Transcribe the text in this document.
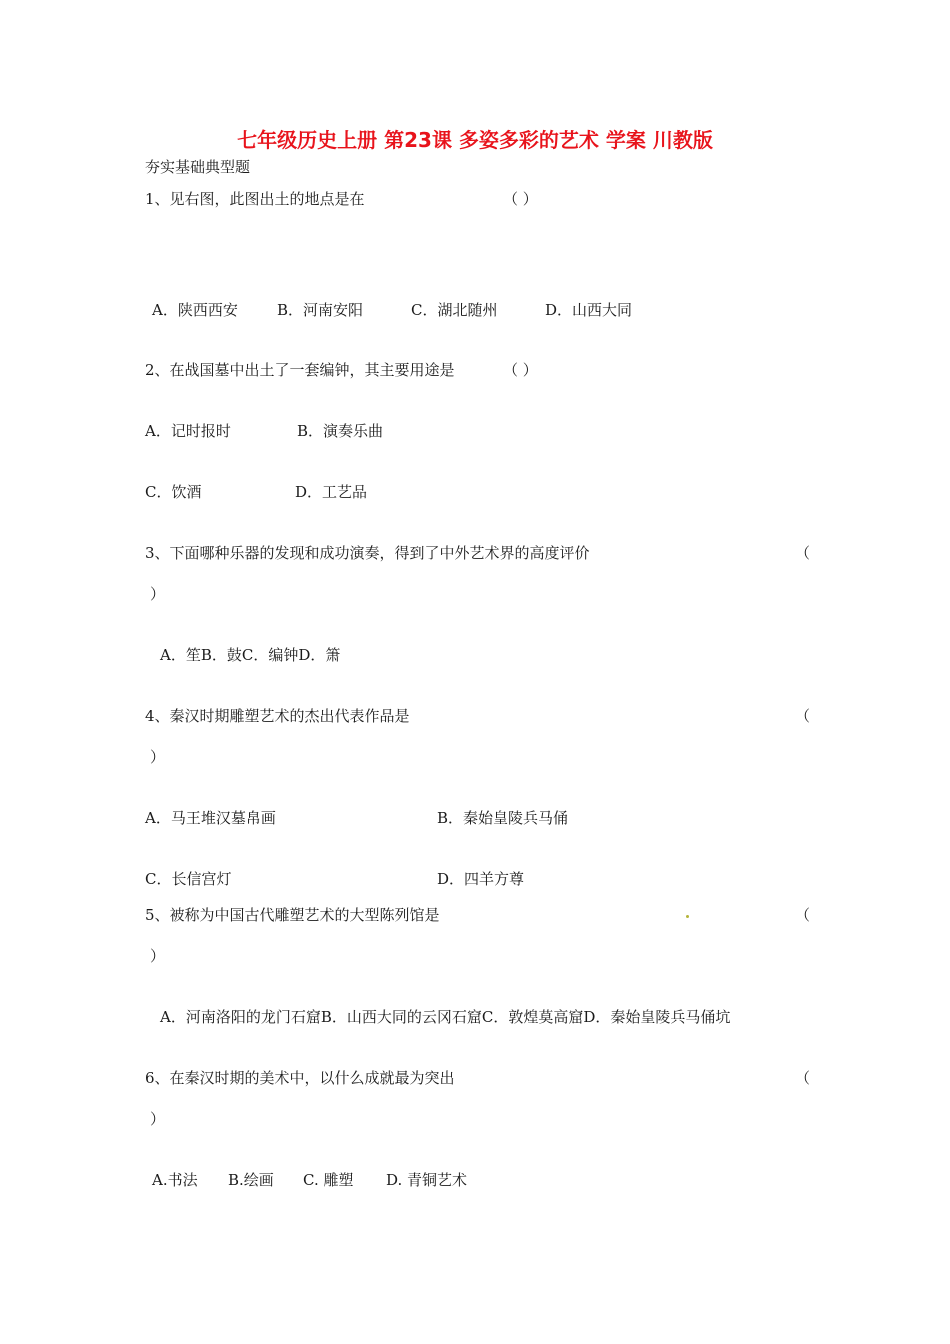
七年级历史上册 第23课 多姿多彩的艺术 学案 川教版
夯实基础典型题
1、见右图，此图出土的地点是在	（ ）
A．陕西西安	B．河南安阳	C．湖北随州	D．山西大同
2、在战国墓中出土了一套编钟，其主要用途是	（ ）
A．记时报时	B．演奏乐曲
C．饮酒	D．工艺品
3、下面哪种乐器的发现和成功演奏，得到了中外艺术界的高度评价	（
）
A．笙B．鼓C．编钟D．箫
4、秦汉时期雕塑艺术的杰出代表作品是	（
）
A．马王堆汉墓帛画	B．秦始皇陵兵马俑
C．长信宫灯	D．四羊方尊
5、被称为中国古代雕塑艺术的大型陈列馆是	（
）
A．河南洛阳的龙门石窟B．山西大同的云冈石窟C．敦煌莫高窟D．秦始皇陵兵马俑坑
6、在秦汉时期的美术中，以什么成就最为突出	（
）
A.书法 B.绘画 C. 雕塑 D. 青铜艺术
